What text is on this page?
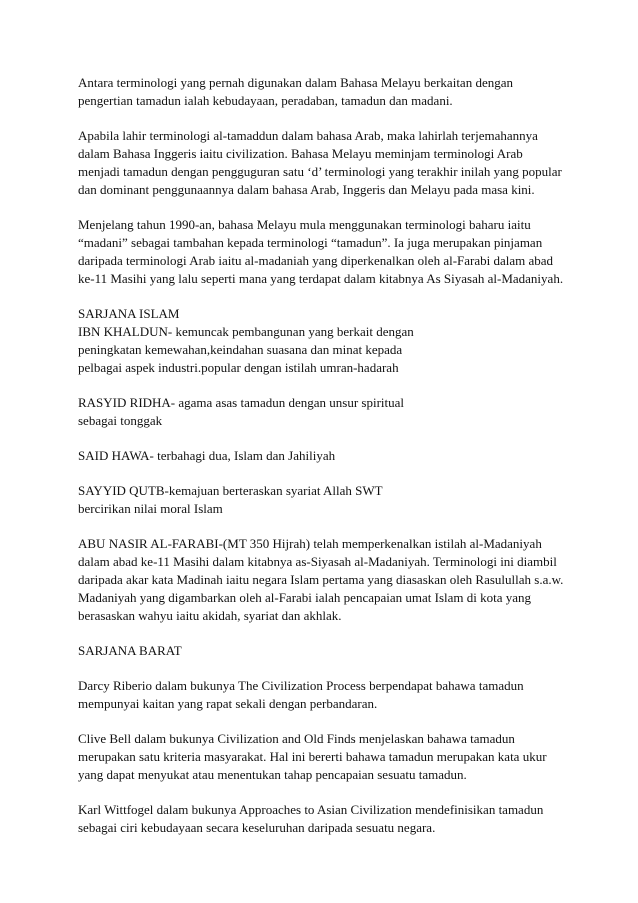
Antara terminologi yang pernah digunakan dalam Bahasa Melayu berkaitan dengan
pengertian tamadun ialah kebudayaan, peradaban, tamadun dan madani.

Apabila lahir terminologi al-tamaddun dalam bahasa Arab, maka lahirlah terjemahannya
dalam Bahasa Inggeris iaitu civilization. Bahasa Melayu meminjam terminologi Arab
menjadi tamadun dengan pengguguran satu ‘d’ terminologi yang terakhir inilah yang popular
dan dominant penggunaannya dalam bahasa Arab, Inggeris dan Melayu pada masa kini.

Menjelang tahun 1990-an, bahasa Melayu mula menggunakan terminologi baharu iaitu
“madani” sebagai tambahan kepada terminologi “tamadun”. Ia juga merupakan pinjaman
daripada terminologi Arab iaitu al-madaniah yang diperkenalkan oleh al-Farabi dalam abad
ke-11 Masihi yang lalu seperti mana yang terdapat dalam kitabnya As Siyasah al-Madaniyah.

SARJANA ISLAM
IBN KHALDUN- kemuncak pembangunan yang berkait dengan
peningkatan kemewahan,keindahan suasana dan minat kepada
pelbagai aspek industri.popular dengan istilah umran-hadarah

RASYID RIDHA- agama asas tamadun dengan unsur spiritual
sebagai tonggak

SAID HAWA- terbahagi dua, Islam dan Jahiliyah

SAYYID QUTB-kemajuan berteraskan syariat Allah SWT
bercirikan nilai moral Islam

ABU NASIR AL-FARABI-(MT 350 Hijrah) telah memperkenalkan istilah al-Madaniyah
dalam abad ke-11 Masihi dalam kitabnya as-Siyasah al-Madaniyah. Terminologi ini diambil
daripada akar kata Madinah iaitu negara Islam pertama yang diasaskan oleh Rasulullah s.a.w.
Madaniyah yang digambarkan oleh al-Farabi ialah pencapaian umat Islam di kota yang
berasaskan wahyu iaitu akidah, syariat dan akhlak.

SARJANA BARAT

Darcy Riberio dalam bukunya The Civilization Process berpendapat bahawa tamadun
mempunyai kaitan yang rapat sekali dengan perbandaran.

Clive Bell dalam bukunya Civilization and Old Finds menjelaskan bahawa tamadun
merupakan satu kriteria masyarakat. Hal ini bererti bahawa tamadun merupakan kata ukur
yang dapat menyukat atau menentukan tahap pencapaian sesuatu tamadun.

Karl Wittfogel dalam bukunya Approaches to Asian Civilization mendefinisikan tamadun
sebagai ciri kebudayaan secara keseluruhan daripada sesuatu negara.
